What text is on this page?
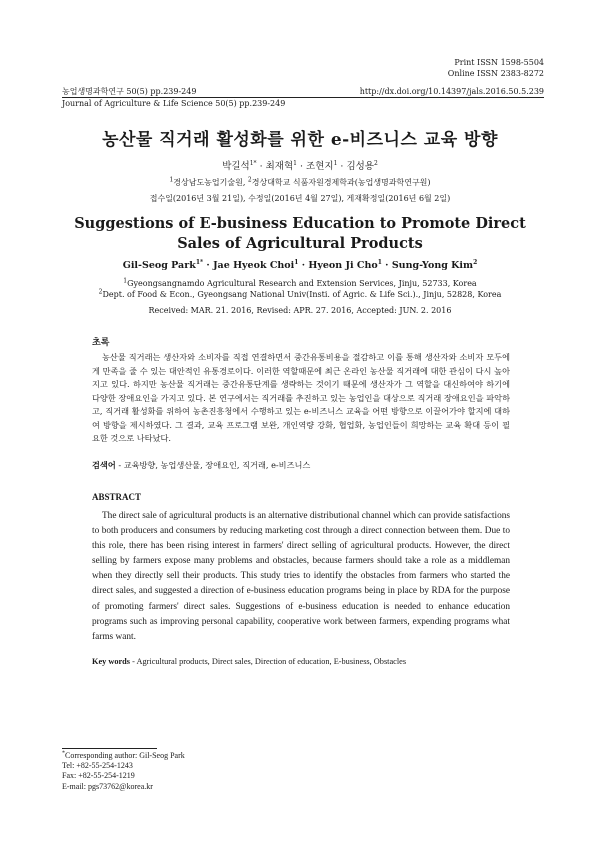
Print ISSN 1598-5504
Online ISSN 2383-8272
농업생명과학연구 50(5) pp.239-249	http://dx.doi.org/10.14397/jals.2016.50.5.239
Journal of Agriculture & Life Science 50(5) pp.239-249
농산물 직거래 활성화를 위한 e-비즈니스 교육 방향
박길석$^{1*}$ · 최재혁$^1$ · 조현지$^1$ · 김성용$^2$
$^1$경상남도농업기술원, $^2$경상대학교 식품자원경제학과(농업생명과학연구원)
접수일(2016년 3월 21일), 수정일(2016년 4월 27일), 게재확정일(2016년 6월 2일)
Suggestions of E-business Education to Promote Direct Sales of Agricultural Products
Gil-Seog Park$^{1*}$ · Jae Hyeok Choi$^1$ · Hyeon Ji Cho$^1$ · Sung-Yong Kim$^2$
$^1$Gyeongsangnamdo Agricultural Research and Extension Services, Jinju, 52733, Korea
$^2$Dept. of Food & Econ., Gyeongsang National Univ(Insti. of Agric. & Life Sci.)., Jinju, 52828, Korea
Received: MAR. 21. 2016, Revised: APR. 27. 2016, Accepted: JUN. 2. 2016
초록
농산물 직거래는 생산자와 소비자를 직접 연결하면서 중간유통비용을 절감하고 이를 통해 생산자와 소비자 모두에게 만족을 줄 수 있는 대안적인 유통경로이다. 이러한 역할때문에 최근 온라인 농산물 직거래에 대한 관심이 다시 높아지고 있다. 하지만 농산물 직거래는 중간유통단계를 생략하는 것이기 때문에 생산자가 그 역할을 대신하여야 하기에 다양한 장애요인을 가지고 있다. 본 연구에서는 직거래를 추진하고 있는 농업인을 대상으로 직거래 장애요인을 파악하고, 직거래 활성화를 위하여 농촌진흥청에서 수행하고 있는 e-비즈니스 교육을 어떤 방향으로 이끌어가야 할지에 대하여 방향을 제시하였다. 그 결과, 교육 프로그램 보완, 개인역량 강화, 협업화, 농업인들이 희망하는 교육 확대 등이 필요한 것으로 나타났다.
검색어 - 교육방향, 농업생산물, 장애요인, 직거래, e-비즈니스
ABSTRACT
The direct sale of agricultural products is an alternative distributional channel which can provide satisfactions to both producers and consumers by reducing marketing cost through a direct connection between them. Due to this role, there has been rising interest in farmers' direct selling of agricultural products. However, the direct selling by farmers expose many problems and obstacles, because farmers should take a role as a middleman when they directly sell their products. This study tries to identify the obstacles from farmers who started the direct sales, and suggested a direction of e-business education programs being in place by RDA for the purpose of promoting farmers' direct sales. Suggestions of e-business education is needed to enhance education programs such as improving personal capability, cooperative work between farmers, expending programs what farms want.
Key words - Agricultural products, Direct sales, Direction of education, E-business, Obstacles
*Corresponding author: Gil-Seog Park
Tel: +82-55-254-1243
Fax: +82-55-254-1219
E-mail: pgs73762@korea.kr
